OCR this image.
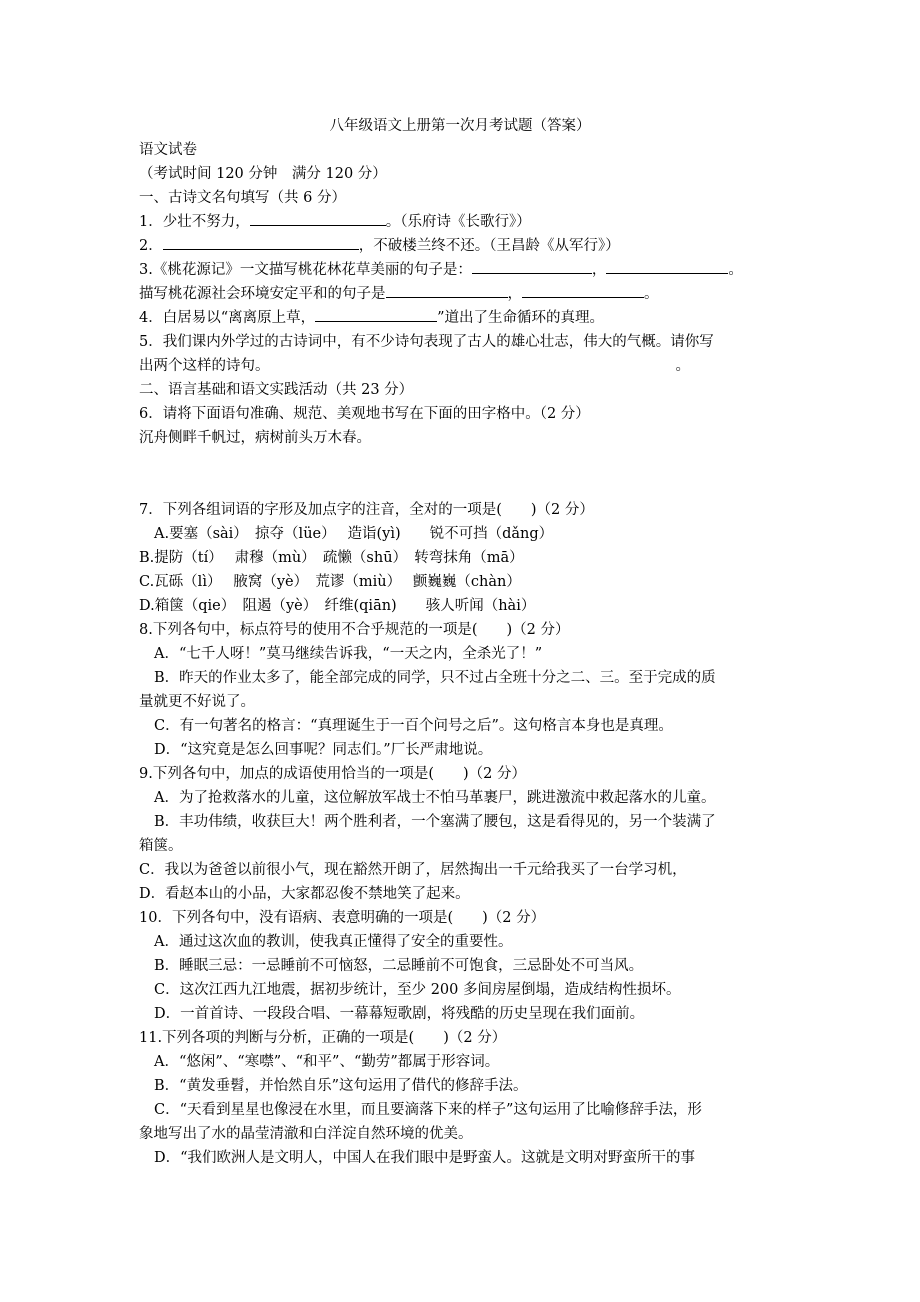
八年级语文上册第一次月考试题（答案）
语文试卷
（考试时间 120 分钟　满分 120 分）
一、古诗文名句填写（共 6 分）
1．少壮不努力，	。（乐府诗《长歌行》）
2．	，不破楼兰终不还。（王昌龄《从军行》）
3.《桃花源记》一文描写桃花林花草美丽的句子是：	，	。
描写桃花源社会环境安定平和的句子是	，	。
4．白居易以“离离原上草，	”道出了生命循环的真理。
5．我们课内外学过的古诗词中，有不少诗句表现了古人的雄心壮志，伟大的气概。请你写
出两个这样的诗句。	。
二、语言基础和语文实践活动（共 23 分）
6．请将下面语句准确、规范、美观地书写在下面的田字格中。（2 分）
沉舟侧畔千帆过，病树前头万木春。
7．下列各组词语的字形及加点字的注音，全对的一项是(　　)（2 分）
A.要塞（sài）　掠夺（lüe）　 造诣(yì)　　锐不可挡（dǎng）
B.提防（tí）　 肃穆（mù）　疏懒（shū）　转弯抹角（mā）
C.瓦砾（lì）　 腋窝（yè）　荒谬（miù）　 颤巍巍（chàn）
D.箱箧（qie）　阻遏（yè）　纤维(qiān)　　骇人听闻（hài）
8.下列各句中，标点符号的使用不合乎规范的一项是(　　)（2 分）
A．“七千人呀！”莫马继续告诉我，“一天之内，全杀光了！”
B．昨天的作业太多了，能全部完成的同学，只不过占全班十分之二、三。至于完成的质
量就更不好说了。
C．有一句著名的格言：“真理诞生于一百个问号之后”。这句格言本身也是真理。
D．“这究竟是怎么回事呢？同志们。”厂长严肃地说。
9.下列各句中，加点的成语使用恰当的一项是(　　)（2 分）
A．为了抢救落水的儿童，这位解放军战士不怕马革裹尸，跳进激流中救起落水的儿童。
B．丰功伟绩，收获巨大！两个胜利者，一个塞满了腰包，这是看得见的，另一个装满了
箱箧。
C．我以为爸爸以前很小气，现在豁然开朗了，居然掏出一千元给我买了一台学习机，
D．看赵本山的小品，大家都忍俊不禁地笑了起来。
10．下列各句中，没有语病、表意明确的一项是(　　)（2 分）
A．通过这次血的教训，使我真正懂得了安全的重要性。
B．睡眠三忌：一忌睡前不可恼怒，二忌睡前不可饱食，三忌卧处不可当风。
C．这次江西九江地震，据初步统计，至少 200 多间房屋倒塌，造成结构性损坏。
D．一首首诗、一段段合唱、一幕幕短歌剧，将残酷的历史呈现在我们面前。
11.下列各项的判断与分析，正确的一项是(　　)（2 分）
A．“悠闲”、“寒噤”、“和平”、“勤劳”都属于形容词。
B．“黄发垂髫，并怡然自乐”这句运用了借代的修辞手法。
C．“天看到星星也像浸在水里，而且要滴落下来的样子”这句运用了比喻修辞手法，形
象地写出了水的晶莹清澈和白洋淀自然环境的优美。
D．“我们欧洲人是文明人，中国人在我们眼中是野蛮人。这就是文明对野蛮所干的事
